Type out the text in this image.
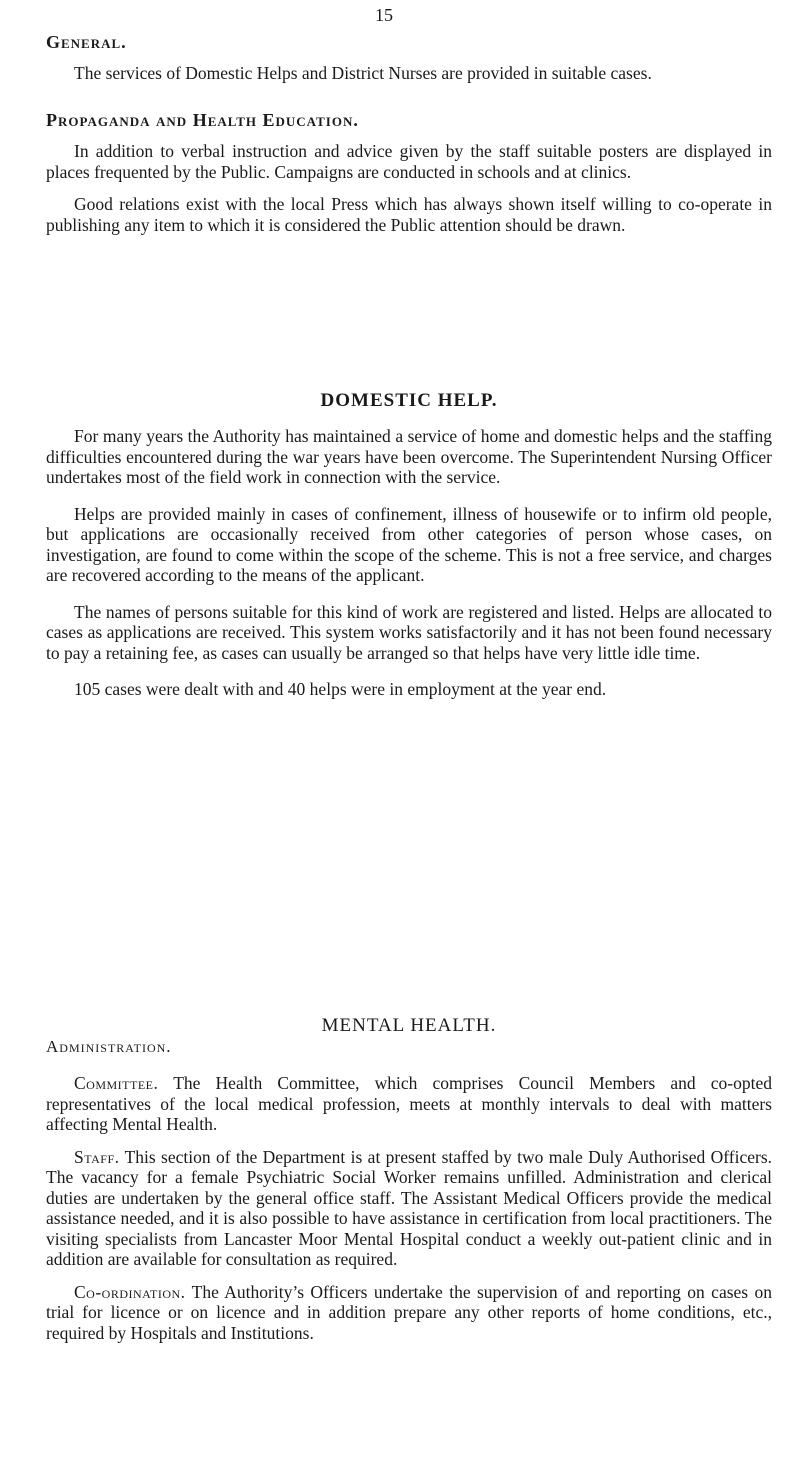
15
General.

The services of Domestic Helps and District Nurses are provided in suitable cases.

Propaganda and Health Education.

In addition to verbal instruction and advice given by the staff suitable posters are displayed in places frequented by the Public. Campaigns are conducted in schools and at clinics.

Good relations exist with the local Press which has always shown itself willing to co-operate in publishing any item to which it is considered the Public attention should be drawn.

DOMESTIC HELP.

For many years the Authority has maintained a service of home and domestic helps and the staffing difficulties encountered during the war years have been overcome. The Superintendent Nursing Officer undertakes most of the field work in connection with the service.

Helps are provided mainly in cases of confinement, illness of housewife or to infirm old people, but applications are occasionally received from other categories of person whose cases, on investigation, are found to come within the scope of the scheme. This is not a free service, and charges are recovered according to the means of the applicant.

The names of persons suitable for this kind of work are registered and listed. Helps are allocated to cases as applications are received. This system works satisfactorily and it has not been found necessary to pay a retaining fee, as cases can usually be arranged so that helps have very little idle time.

105 cases were dealt with and 40 helps were in employment at the year end.

MENTAL HEALTH.
Administration.

Committee. The Health Committee, which comprises Council Members and co-opted representatives of the local medical profession, meets at monthly intervals to deal with matters affecting Mental Health.

Staff. This section of the Department is at present staffed by two male Duly Authorised Officers. The vacancy for a female Psychiatric Social Worker remains unfilled. Administration and clerical duties are undertaken by the general office staff. The Assistant Medical Officers provide the medical assistance needed, and it is also possible to have assistance in certification from local practitioners. The visiting specialists from Lancaster Moor Mental Hospital conduct a weekly out-patient clinic and in addition are available for consultation as required.

Co-ordination. The Authority’s Officers undertake the supervision of and reporting on cases on trial for licence or on licence and in addition prepare any other reports of home conditions, etc., required by Hospitals and Institutions.
